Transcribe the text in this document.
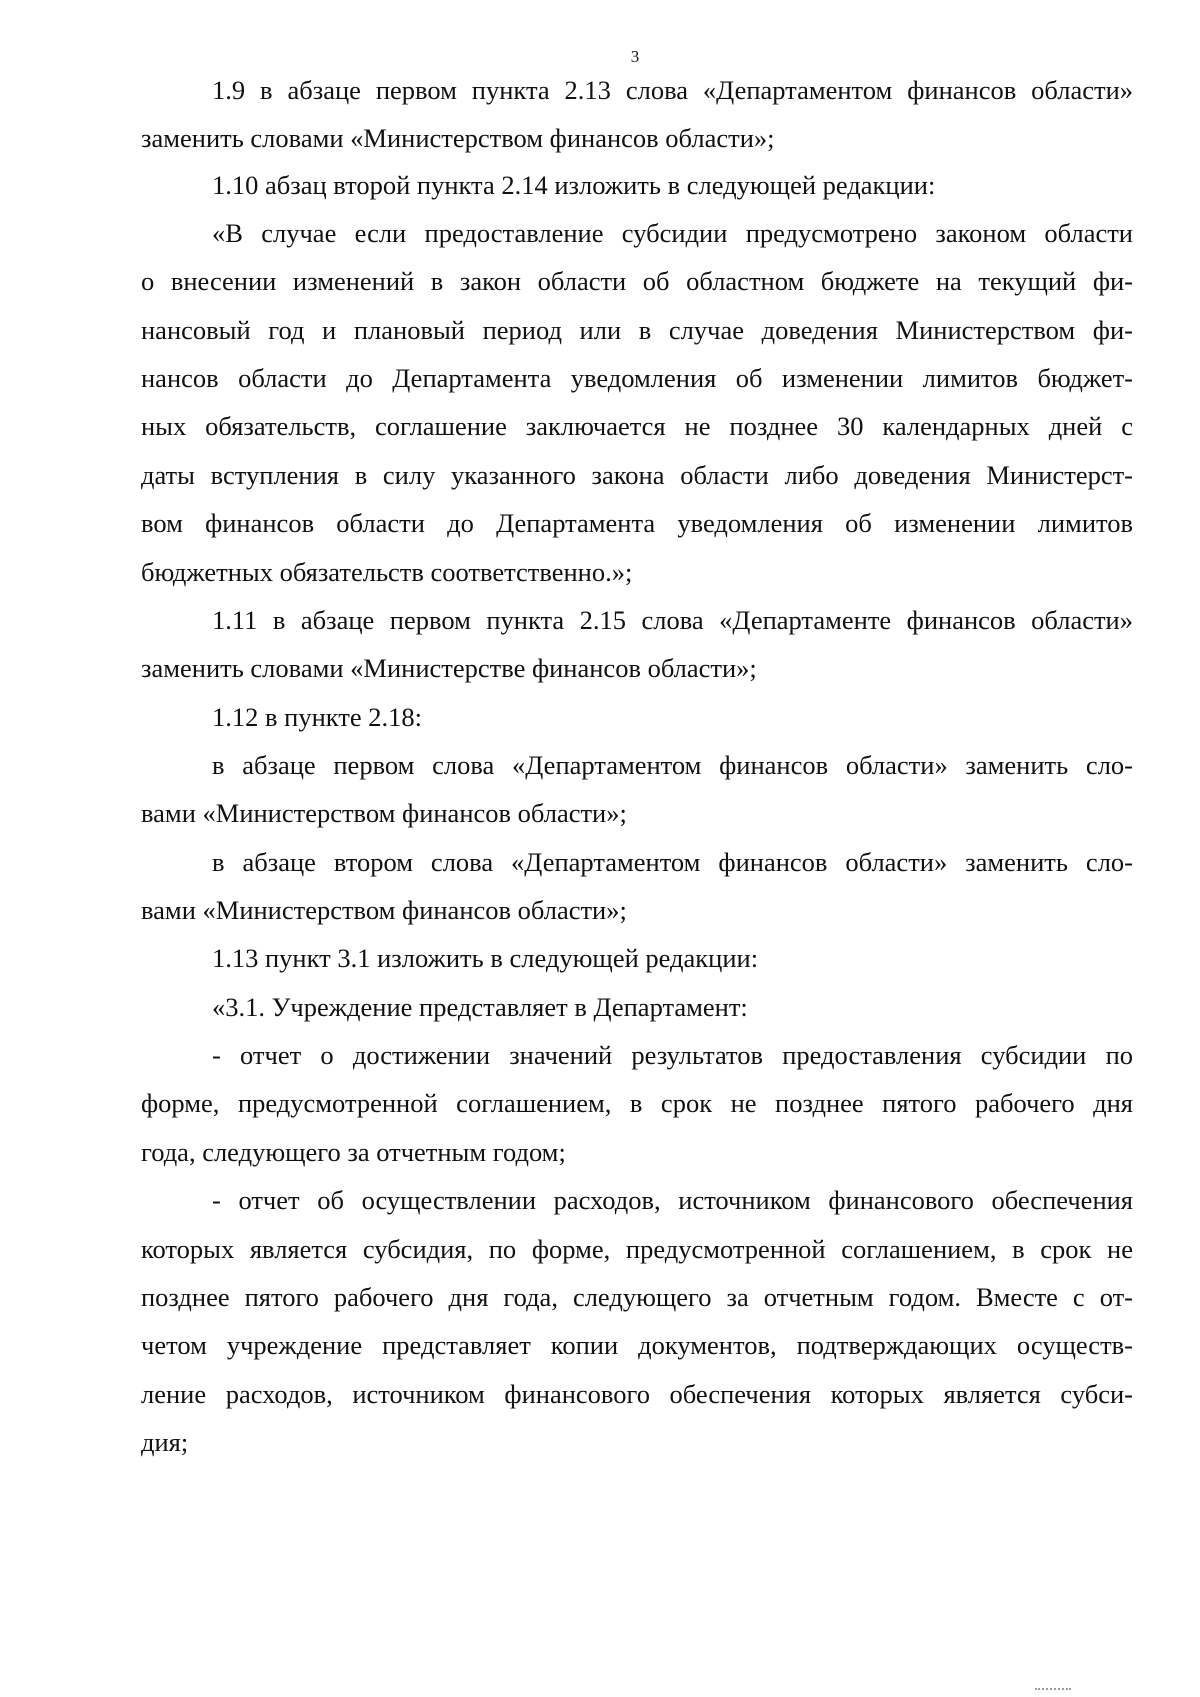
3
1.9 в абзаце первом пункта 2.13 слова «Департаментом финансов области»
заменить словами «Министерством финансов области»;
1.10 абзац второй пункта 2.14 изложить в следующей редакции:
«В случае если предоставление субсидии предусмотрено законом области
о внесении изменений в закон области об областном бюджете на текущий фи-
нансовый год и плановый период или в случае доведения Министерством фи-
нансов области до Департамента уведомления об изменении лимитов бюджет-
ных обязательств, соглашение заключается не позднее 30 календарных дней с
даты вступления в силу указанного закона области либо доведения Министерст-
вом финансов области до Департамента уведомления об изменении лимитов
бюджетных обязательств соответственно.»;
1.11 в абзаце первом пункта 2.15 слова «Департаменте финансов области»
заменить словами «Министерстве финансов области»;
1.12 в пункте 2.18:
в абзаце первом слова «Департаментом финансов области» заменить сло-
вами «Министерством финансов области»;
в абзаце втором слова «Департаментом финансов области» заменить сло-
вами «Министерством финансов области»;
1.13 пункт 3.1 изложить в следующей редакции:
«3.1. Учреждение представляет в Департамент:
- отчет о достижении значений результатов предоставления субсидии по
форме, предусмотренной соглашением, в срок не позднее пятого рабочего дня
года, следующего за отчетным годом;
- отчет об осуществлении расходов, источником финансового обеспечения
которых является субсидия, по форме, предусмотренной соглашением, в срок не
позднее пятого рабочего дня года, следующего за отчетным годом. Вместе с от-
четом учреждение представляет копии документов, подтверждающих осуществ-
ление расходов, источником финансового обеспечения которых является субси-
дия;
